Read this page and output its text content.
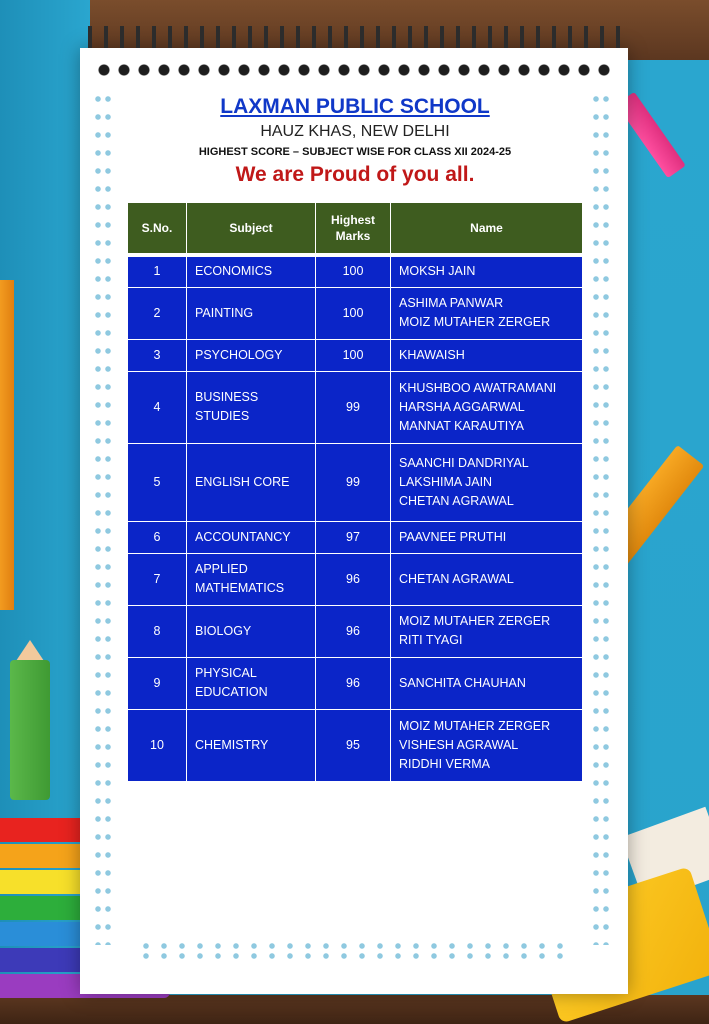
LAXMAN PUBLIC SCHOOL
HAUZ KHAS, NEW DELHI
HIGHEST SCORE – SUBJECT WISE FOR CLASS XII 2024-25
We are Proud of you all.
S.No.	Subject	Highest Marks	Name
1	ECONOMICS	100	MOKSH JAIN

2	PAINTING	100	ASHIMA PANWAR
MOIZ MUTAHER ZERGER

3	PSYCHOLOGY	100	KHAWAISH

4	BUSINESS
STUDIES	99	KHUSHBOO AWATRAMANI
HARSHA AGGARWAL
MANNAT KARAUTIYA

5	ENGLISH CORE	99	SAANCHI DANDRIYAL
LAKSHIMA JAIN
CHETAN AGRAWAL

6	ACCOUNTANCY	97	PAAVNEE PRUTHI

7	APPLIED
MATHEMATICS	96	CHETAN AGRAWAL

8	BIOLOGY	96	MOIZ MUTAHER ZERGER
RITI TYAGI

9	PHYSICAL
EDUCATION	96	SANCHITA CHAUHAN

10	CHEMISTRY	95	MOIZ MUTAHER ZERGER
VISHESH AGRAWAL
RIDDHI VERMA
